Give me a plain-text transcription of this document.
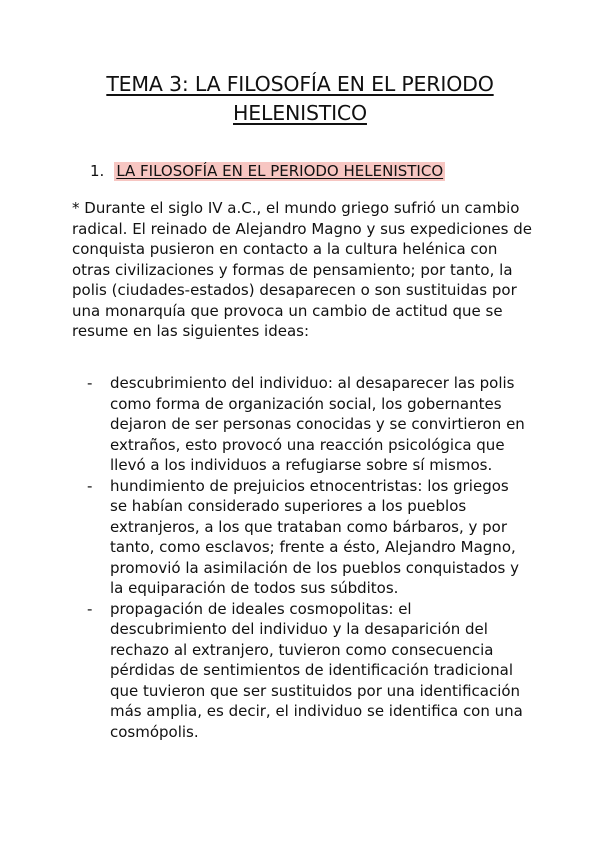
TEMA 3: LA FILOSOFÍA EN EL PERIODO
HELENISTICO
1. LA FILOSOFÍA EN EL PERIODO HELENISTICO

* Durante el siglo IV a.C., el mundo griego sufrió un cambio radical. El reinado de Alejandro Magno y sus expediciones de conquista pusieron en contacto a la cultura helénica con otras civilizaciones y formas de pensamiento; por tanto, la polis (ciudades-estados) desaparecen o son sustituidas por una monarquía que provoca un cambio de actitud que se resume en las siguientes ideas:

- descubrimiento del individuo: al desaparecer las polis como forma de organización social, los gobernantes dejaron de ser personas conocidas y se convirtieron en extraños, esto provocó una reacción psicológica que llevó a los individuos a refugiarse sobre sí mismos.
- hundimiento de prejuicios etnocentristas: los griegos se habían considerado superiores a los pueblos extranjeros, a los que trataban como bárbaros, y por tanto, como esclavos; frente a ésto, Alejandro Magno, promovió la asimilación de los pueblos conquistados y la equiparación de todos sus súbditos.
- propagación de ideales cosmopolitas: el descubrimiento del individuo y la desaparición del rechazo al extranjero, tuvieron como consecuencia pérdidas de sentimientos de identificación tradicional que tuvieron que ser sustituidos por una identificación más amplia, es decir, el individuo se identifica con una cosmópolis.
